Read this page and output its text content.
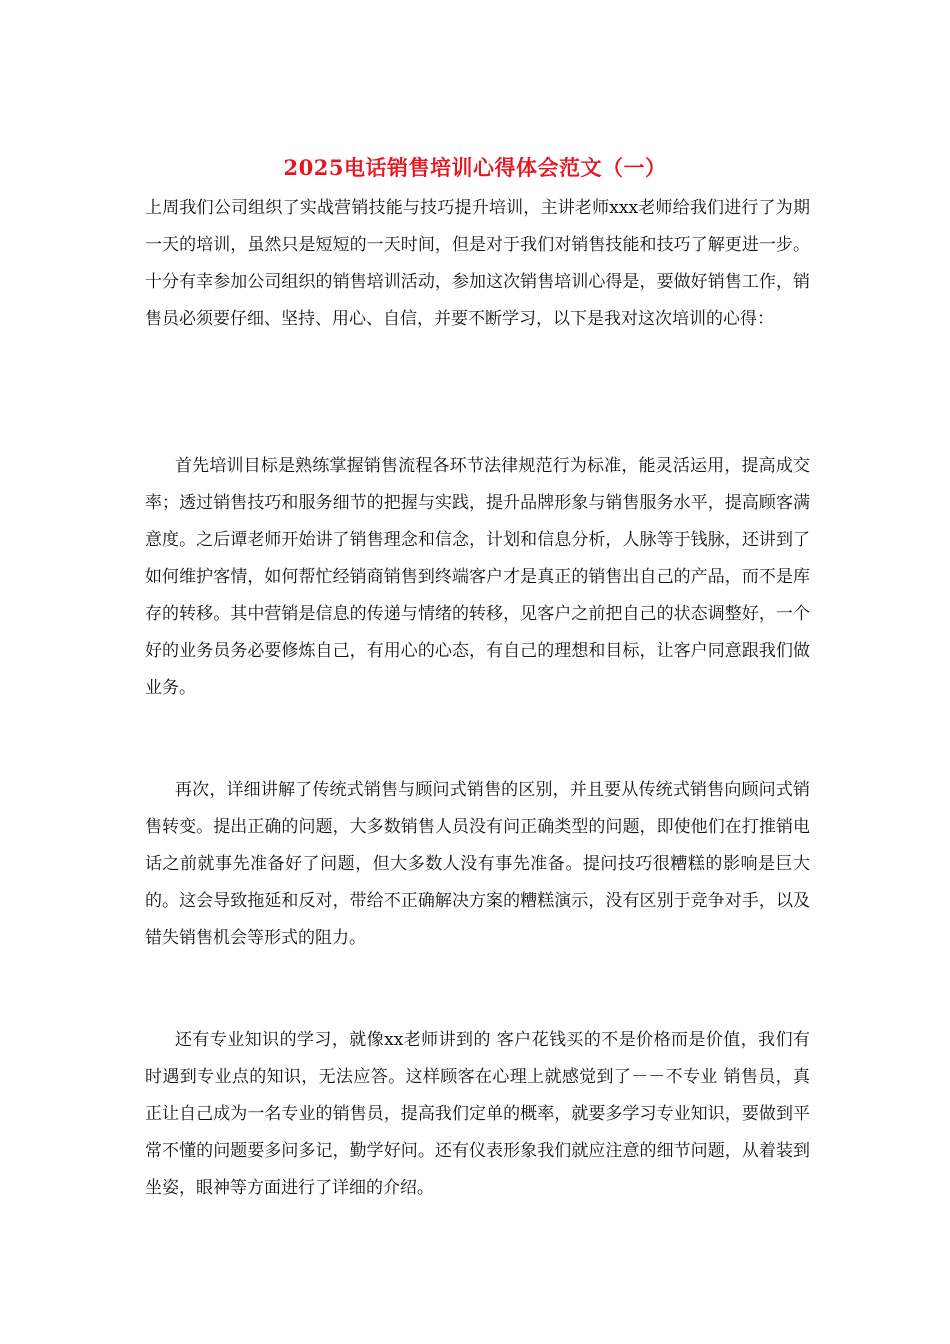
2025电话销售培训心得体会范文（一）

上周我们公司组织了实战营销技能与技巧提升培训，主讲老师xxx老师给我们进行了为期一天的培训，虽然只是短短的一天时间，但是对于我们对销售技能和技巧了解更进一步。十分有幸参加公司组织的销售培训活动，参加这次销售培训心得是，要做好销售工作，销售员必须要仔细、坚持、用心、自信，并要不断学习，以下是我对这次培训的心得：

首先培训目标是熟练掌握销售流程各环节法律规范行为标准，能灵活运用，提高成交率；透过销售技巧和服务细节的把握与实践，提升品牌形象与销售服务水平，提高顾客满意度。之后谭老师开始讲了销售理念和信念，计划和信息分析，人脉等于钱脉，还讲到了如何维护客情，如何帮忙经销商销售到终端客户才是真正的销售出自己的产品，而不是库存的转移。其中营销是信息的传递与情绪的转移，见客户之前把自己的状态调整好，一个好的业务员务必要修炼自己，有用心的心态，有自己的理想和目标，让客户同意跟我们做业务。

再次，详细讲解了传统式销售与顾问式销售的区别，并且要从传统式销售向顾问式销售转变。提出正确的问题，大多数销售人员没有问正确类型的问题，即使他们在打推销电话之前就事先准备好了问题，但大多数人没有事先准备。提问技巧很糟糕的影响是巨大的。这会导致拖延和反对，带给不正确解决方案的糟糕演示，没有区别于竞争对手，以及错失销售机会等形式的阻力。

还有专业知识的学习，就像xx老师讲到的 客户花钱买的不是价格而是价值，我们有时遇到专业点的知识，无法应答。这样顾客在心理上就感觉到了－－不专业 销售员，真正让自己成为一名专业的销售员，提高我们定单的概率，就要多学习专业知识，要做到平常不懂的问题要多问多记，勤学好问。还有仪表形象我们就应注意的细节问题，从着装到坐姿，眼神等方面进行了详细的介绍。
